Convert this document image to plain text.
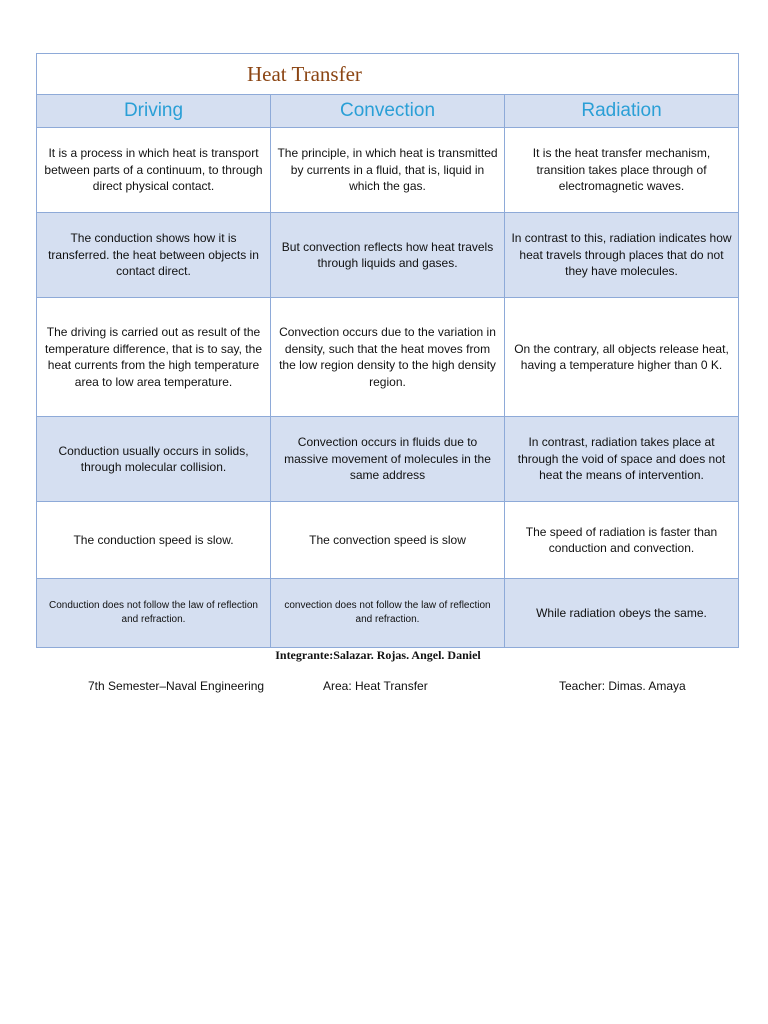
Heat Transfer		
Driving	Convection	Radiation
It is a process in which heat is transport between parts of a continuum, to through direct physical contact.	The principle, in which heat is transmitted by currents in a fluid, that is, liquid in which the gas.	It is the heat transfer mechanism, transition takes place through of electromagnetic waves.
The conduction shows how it is transferred. the heat between objects in contact direct.	But convection reflects how heat travels through liquids and gases.	In contrast to this, radiation indicates how heat travels through places that do not they have molecules.
The driving is carried out as result of the temperature difference, that is to say, the heat currents from the high temperature area to low area temperature.	Convection occurs due to the variation in density, such that the heat moves from the low region density to the high density region.	On the contrary, all objects release heat, having a temperature higher than 0 K.
Conduction usually occurs in solids, through molecular collision.	Convection occurs in fluids due to massive movement of molecules in the same address	In contrast, radiation takes place at through the void of space and does not heat the means of intervention.
The conduction speed is slow.	The convection speed is slow	The speed of radiation is faster than conduction and convection.
Conduction does not follow the law of reflection and refraction.	convection does not follow the law of reflection and refraction.	While radiation obeys the same.
Integrante:Salazar. Rojas. Angel. Daniel
7th Semester–Naval Engineering	Area: Heat Transfer	Teacher: Dimas. Amaya
